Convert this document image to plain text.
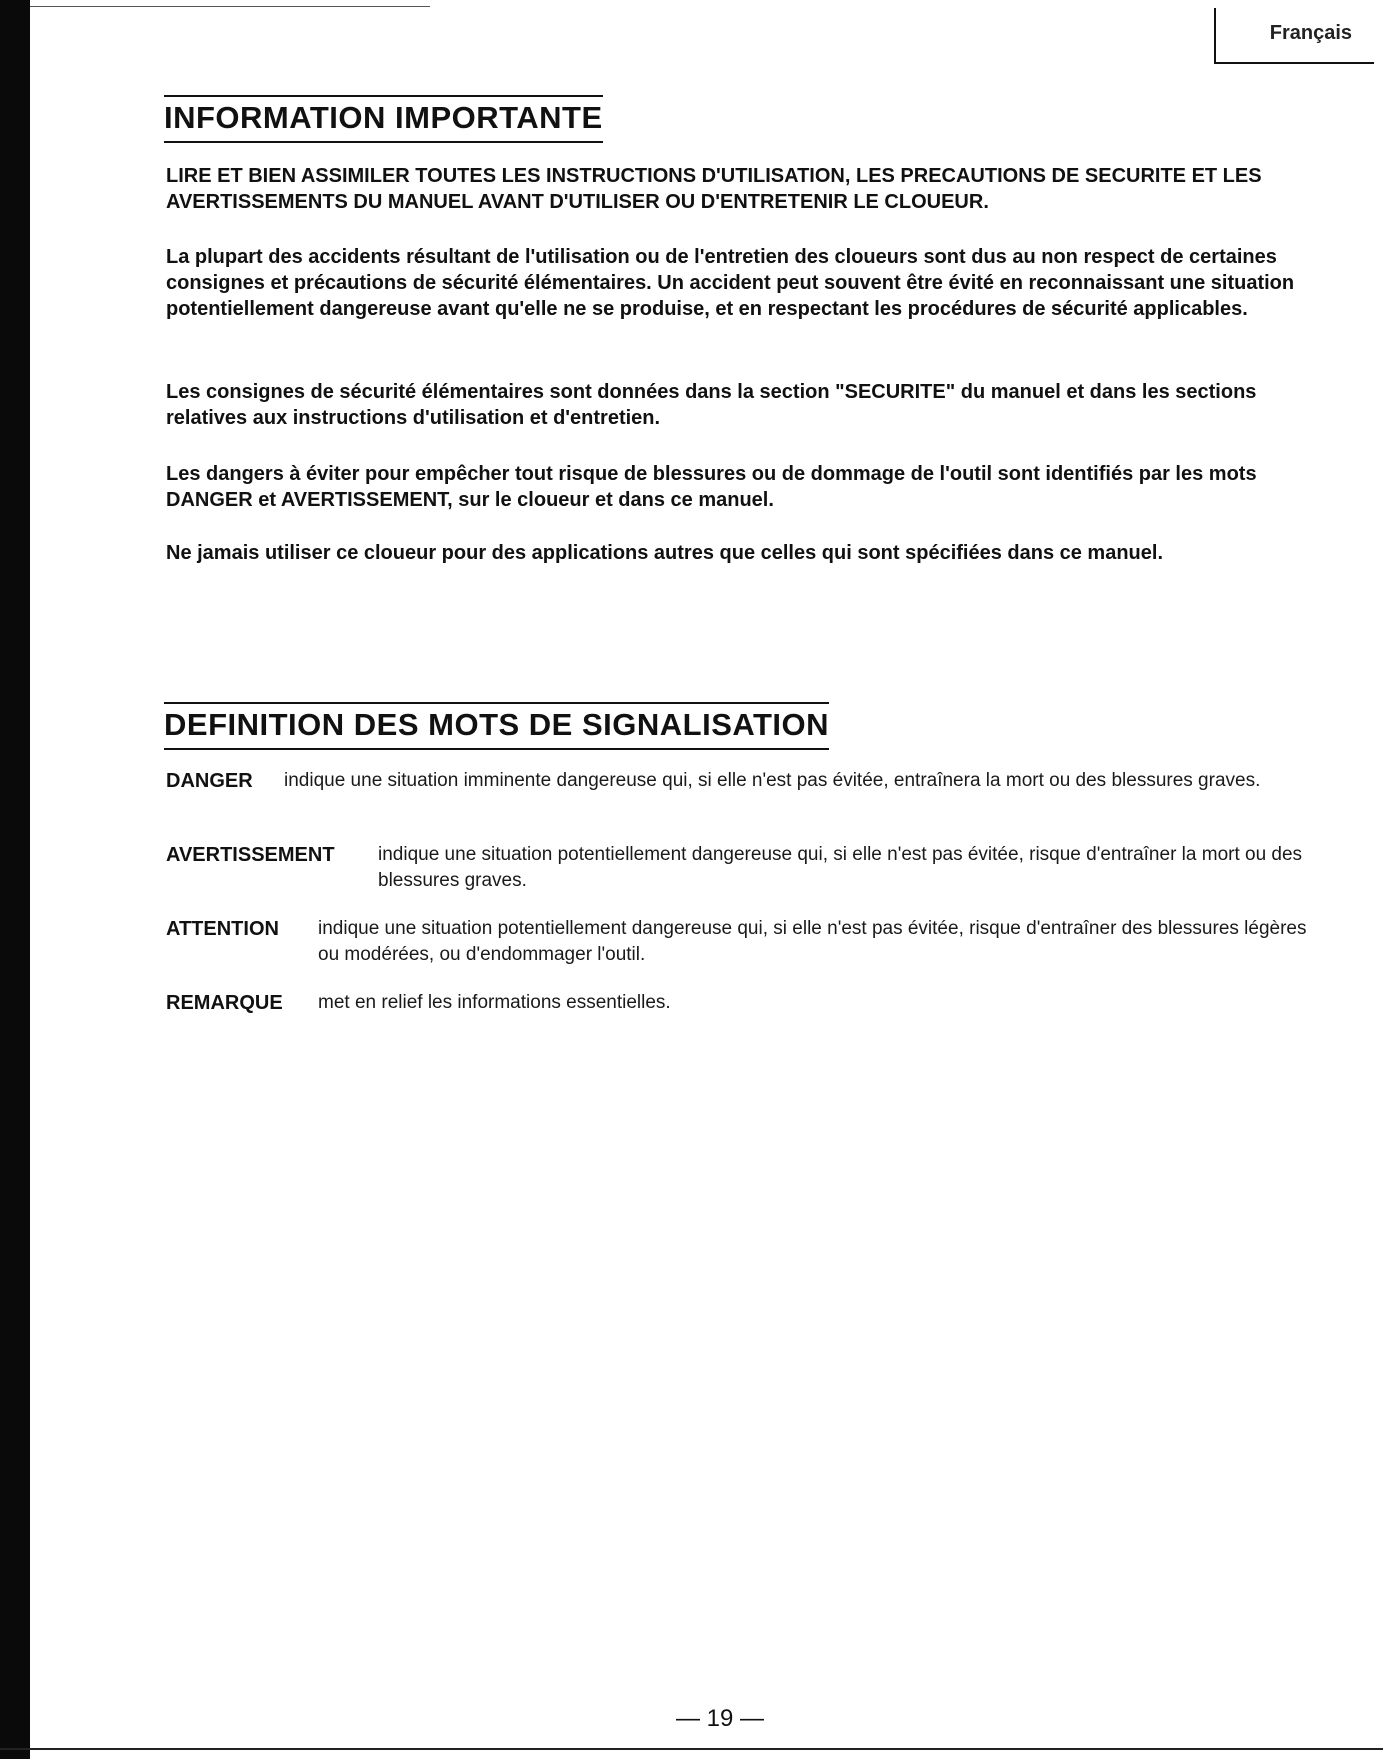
Français
INFORMATION IMPORTANTE

LIRE ET BIEN ASSIMILER TOUTES LES INSTRUCTIONS D'UTILISATION, LES PRECAUTIONS DE SECURITE ET LES AVERTISSEMENTS DU MANUEL AVANT D'UTILISER OU D'ENTRETENIR LE CLOUEUR.

La plupart des accidents résultant de l'utilisation ou de l'entretien des cloueurs sont dus au non respect de certaines consignes et précautions de sécurité élémentaires. Un accident peut souvent être évité en reconnaissant une situation potentiellement dangereuse avant qu'elle ne se produise, et en respectant les procédures de sécurité applicables.

Les consignes de sécurité élémentaires sont données dans la section "SECURITE" du manuel et dans les sections relatives aux instructions d'utilisation et d'entretien.

Les dangers à éviter pour empêcher tout risque de blessures ou de dommage de l'outil sont identifiés par les mots DANGER et AVERTISSEMENT, sur le cloueur et dans ce manuel.

Ne jamais utiliser ce cloueur pour des applications autres que celles qui sont spécifiées dans ce manuel.

DEFINITION DES MOTS DE SIGNALISATION
DANGER	indique une situation imminente dangereuse qui, si elle n'est pas évitée, entraînera la mort ou des blessures graves.
AVERTISSEMENT	indique une situation potentiellement dangereuse qui, si elle n'est pas évitée, risque d'entraîner la mort ou des blessures graves.
ATTENTION	indique une situation potentiellement dangereuse qui, si elle n'est pas évitée, risque d'entraîner des blessures légères ou modérées, ou d'endommager l'outil.
REMARQUE	met en relief les informations essentielles.
— 19 —
